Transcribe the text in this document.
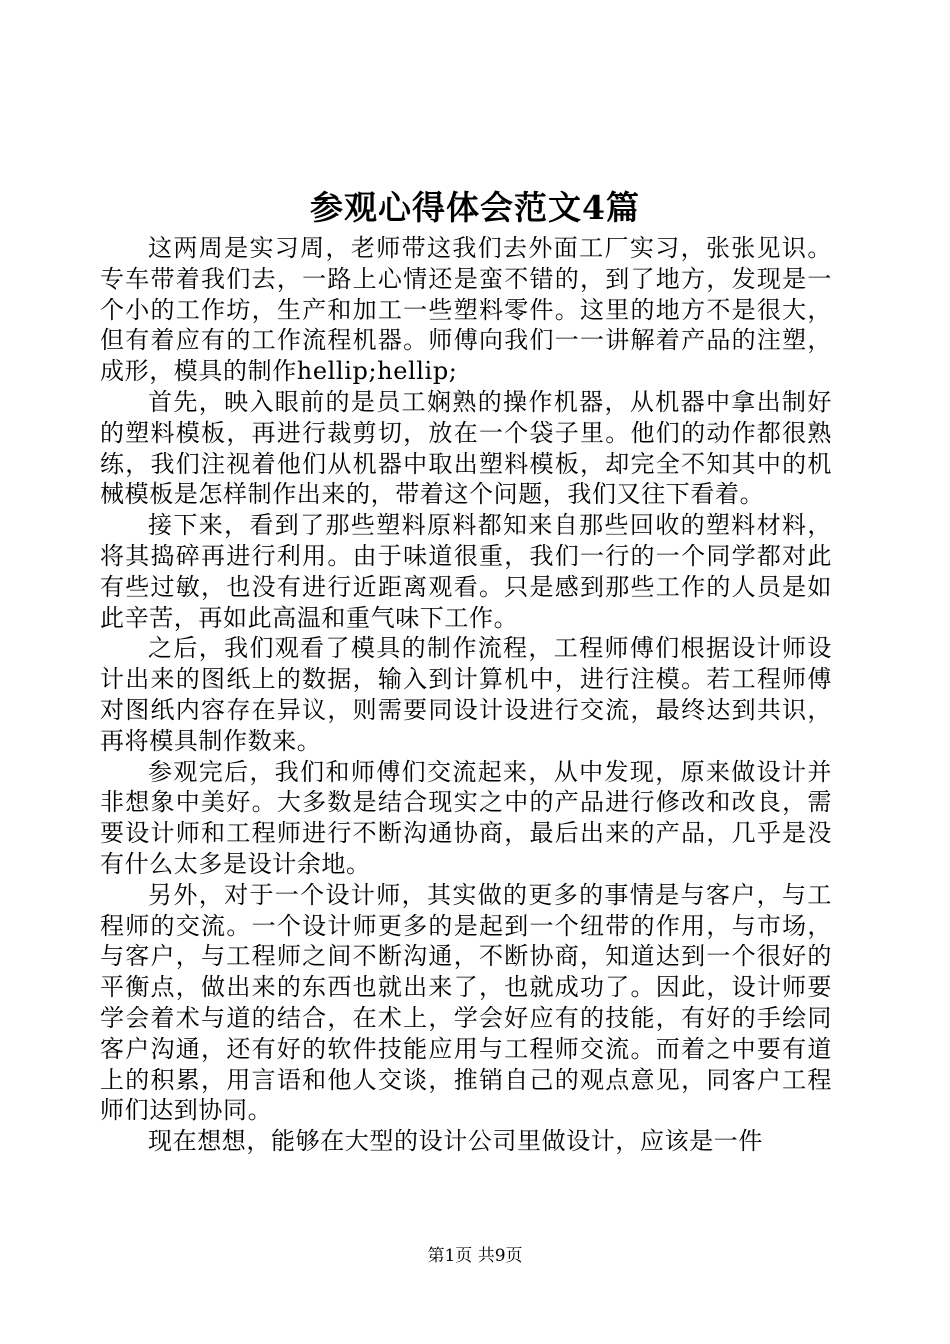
参观心得体会范文4篇

这两周是实习周，老师带这我们去外面工厂实习，张张见识。专车带着我们去，一路上心情还是蛮不错的，到了地方，发现是一个小的工作坊，生产和加工一些塑料零件。这里的地方不是很大，但有着应有的工作流程机器。师傅向我们一一讲解着产品的注塑，成形，模具的制作hellip;hellip;

首先，映入眼前的是员工娴熟的操作机器，从机器中拿出制好的塑料模板，再进行裁剪切，放在一个袋子里。他们的动作都很熟练，我们注视着他们从机器中取出塑料模板，却完全不知其中的机械模板是怎样制作出来的，带着这个问题，我们又往下看着。

接下来，看到了那些塑料原料都知来自那些回收的塑料材料，将其捣碎再进行利用。由于味道很重，我们一行的一个同学都对此有些过敏，也没有进行近距离观看。只是感到那些工作的人员是如此辛苦，再如此高温和重气味下工作。

之后，我们观看了模具的制作流程，工程师傅们根据设计师设计出来的图纸上的数据，输入到计算机中，进行注模。若工程师傅对图纸内容存在异议，则需要同设计设进行交流，最终达到共识，再将模具制作数来。

参观完后，我们和师傅们交流起来，从中发现，原来做设计并非想象中美好。大多数是结合现实之中的产品进行修改和改良，需要设计师和工程师进行不断沟通协商，最后出来的产品，几乎是没有什么太多是设计余地。

另外，对于一个设计师，其实做的更多的事情是与客户，与工程师的交流。一个设计师更多的是起到一个纽带的作用，与市场，与客户，与工程师之间不断沟通，不断协商，知道达到一个很好的平衡点，做出来的东西也就出来了，也就成功了。因此，设计师要学会着术与道的结合，在术上，学会好应有的技能，有好的手绘同客户沟通，还有好的软件技能应用与工程师交流。而着之中要有道上的积累，用言语和他人交谈，推销自己的观点意见，同客户工程师们达到协同。

现在想想，能够在大型的设计公司里做设计，应该是一件

第1页 共9页
